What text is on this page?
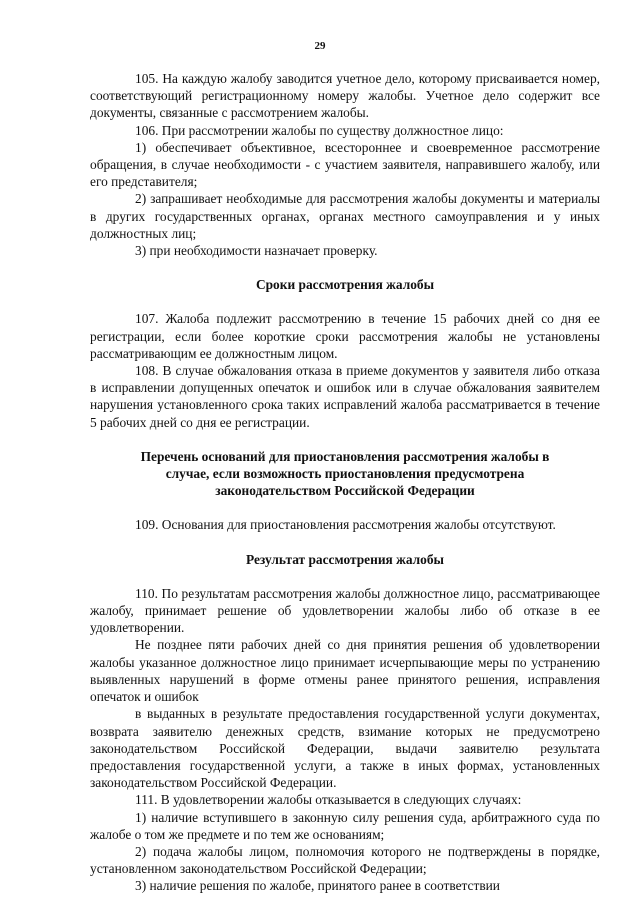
29

105. На каждую жалобу заводится учетное дело, которому присваивается номер, соответствующий регистрационному номеру жалобы. Учетное дело содержит все документы, связанные с рассмотрением жалобы.

106. При рассмотрении жалобы по существу должностное лицо:

1) обеспечивает объективное, всестороннее и своевременное рассмотрение обращения, в случае необходимости - с участием заявителя, направившего жалобу, или его представителя;

2) запрашивает необходимые для рассмотрения жалобы документы и материалы в других государственных органах, органах местного самоуправления и у иных должностных лиц;

3) при необходимости назначает проверку.

Сроки рассмотрения жалобы

107. Жалоба подлежит рассмотрению в течение 15 рабочих дней со дня ее регистрации, если более короткие сроки рассмотрения жалобы не установлены рассматривающим ее должностным лицом.

108. В случае обжалования отказа в приеме документов у заявителя либо отказа в исправлении допущенных опечаток и ошибок или в случае обжалования заявителем нарушения установленного срока таких исправлений жалоба рассматривается в течение 5 рабочих дней со дня ее регистрации.

Перечень оснований для приостановления рассмотрения жалобы в случае, если возможность приостановления предусмотрена законодательством Российской Федерации

109. Основания для приостановления рассмотрения жалобы отсутствуют.

Результат рассмотрения жалобы

110. По результатам рассмотрения жалобы должностное лицо, рассматривающее жалобу, принимает решение об удовлетворении жалобы либо об отказе в ее удовлетворении.

Не позднее пяти рабочих дней со дня принятия решения об удовлетворении жалобы указанное должностное лицо принимает исчерпывающие меры по устранению выявленных нарушений в форме отмены ранее принятого решения, исправления опечаток и ошибок

в выданных в результате предоставления государственной услуги документах, возврата заявителю денежных средств, взимание которых не предусмотрено законодательством Российской Федерации, выдачи заявителю результата предоставления государственной услуги, а также в иных формах, установленных законодательством Российской Федерации.

111. В удовлетворении жалобы отказывается в следующих случаях:

1) наличие вступившего в законную силу решения суда, арбитражного суда по жалобе о том же предмете и по тем же основаниям;

2) подача жалобы лицом, полномочия которого не подтверждены в порядке, установленном законодательством Российской Федерации;

3) наличие решения по жалобе, принятого ранее в соответствии
